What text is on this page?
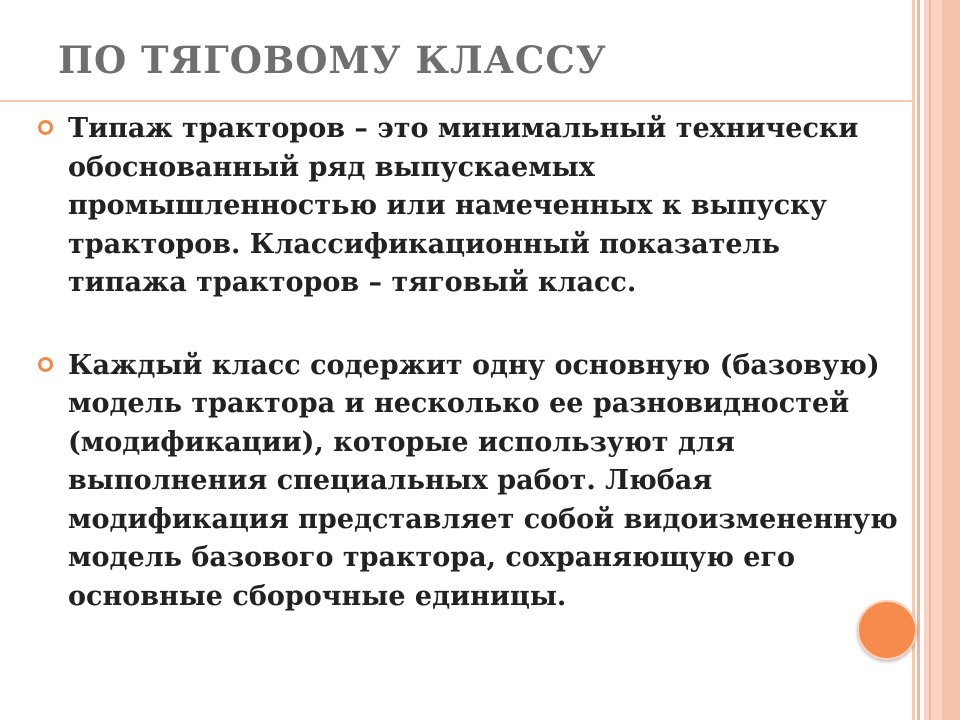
ПО ТЯГОВОМУ КЛАССУ
Типаж тракторов – это минимальный технически обоснованный ряд выпускаемых промышленностью или намеченных к выпуску тракторов. Классификационный показатель типажа тракторов – тяговый класс.
Каждый класс содержит одну основную (базовую) модель трактора и несколько ее разновидностей (модификации), которые используют для выполнения специальных работ. Любая модификация представляет собой видоизмененную модель базового трактора, сохраняющую его основные сборочные единицы.
